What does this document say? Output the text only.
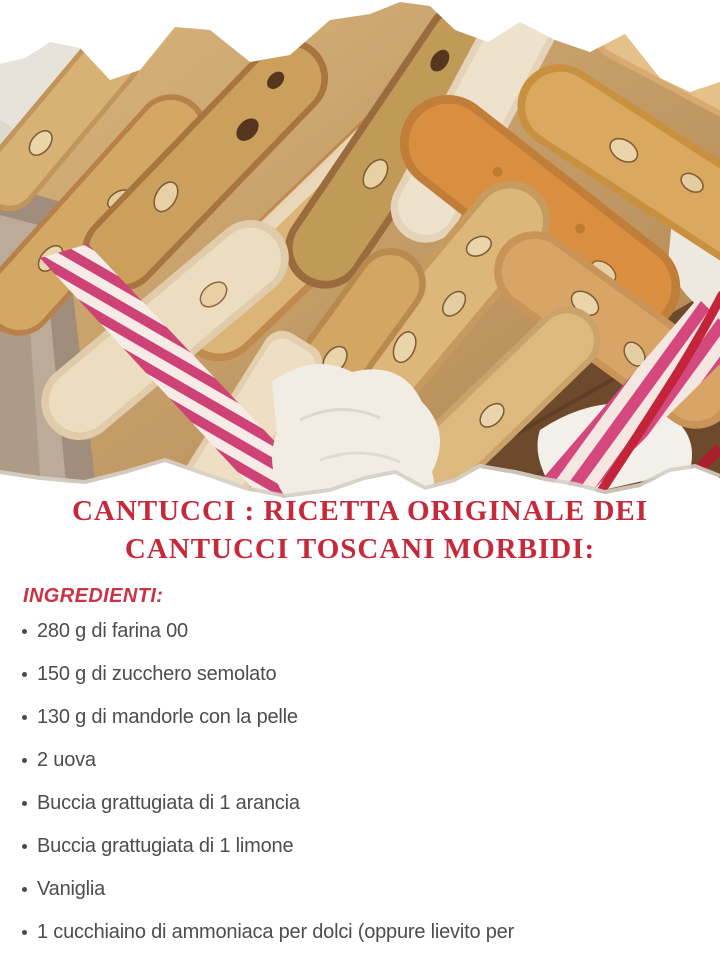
CANTUCCI : RICETTA ORIGINALE DEI
CANTUCCI TOSCANI MORBIDI:
INGREDIENTI:
280 g di farina 00
150 g di zucchero semolato
130 g di mandorle con la pelle
2 uova
Buccia grattugiata di 1 arancia
Buccia grattugiata di 1 limone
Vaniglia
1 cucchiaino di ammoniaca per dolci (oppure lievito per
